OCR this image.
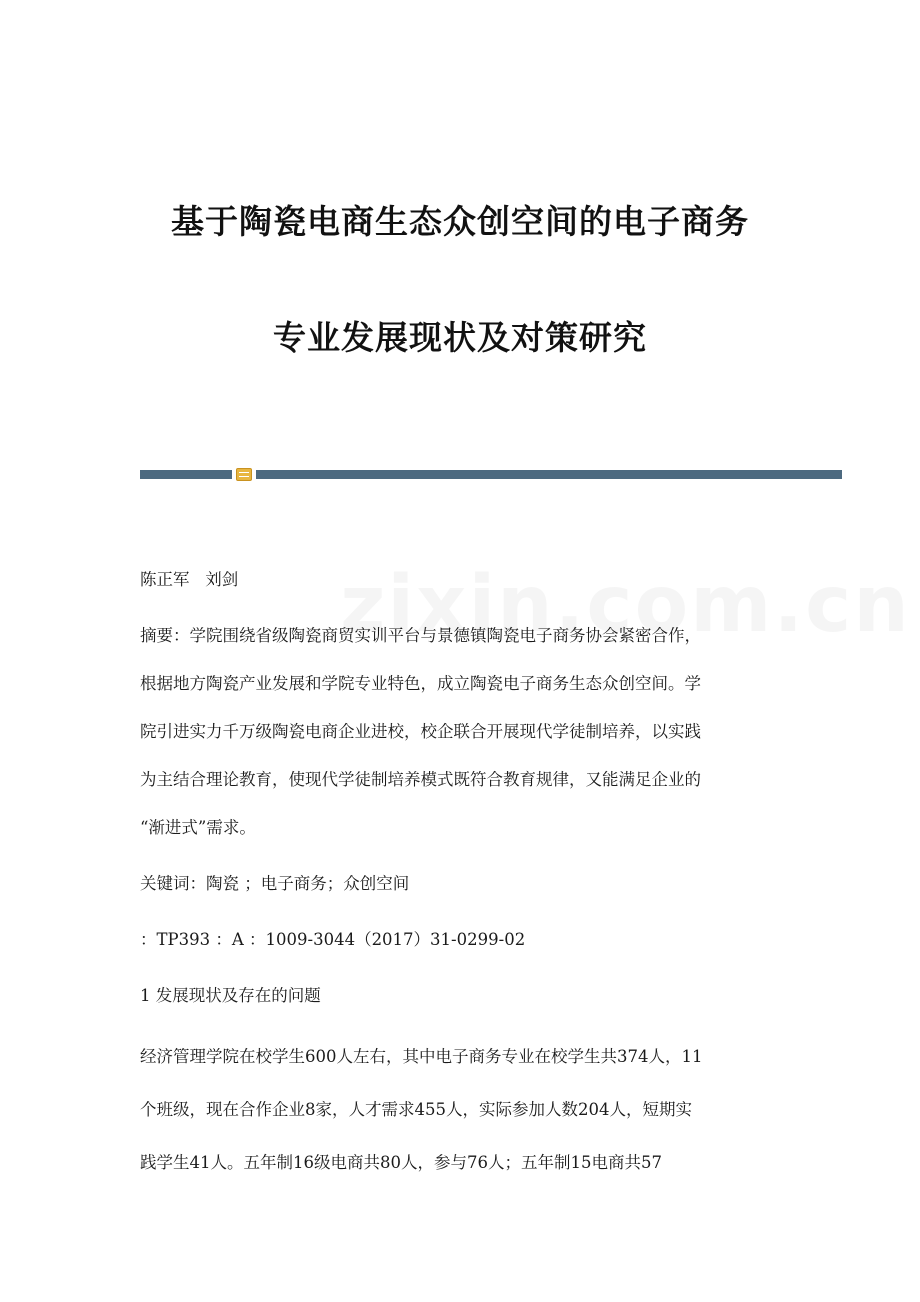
基于陶瓷电商生态众创空间的电子商务
专业发展现状及对策研究
陈正军   刘剑
摘要：学院围绕省级陶瓷商贸实训平台与景德镇陶瓷电子商务协会紧密合作，
根据地方陶瓷产业发展和学院专业特色，成立陶瓷电子商务生态众创空间。学
院引进实力千万级陶瓷电商企业进校，校企联合开展现代学徒制培养，以实践
为主结合理论教育，使现代学徒制培养模式既符合教育规律，又能满足企业的
“渐进式”需求。
关键词：陶瓷 ；电子商务；众创空间
：TP393 ：A ：1009-3044（2017）31-0299-02
1 发展现状及存在的问题
经济管理学院在校学生600人左右，其中电子商务专业在校学生共374人，11
个班级，现在合作企业8家，人才需求455人，实际参加人数204人，短期实
践学生41人。五年制16级电商共80人，参与76人；五年制15电商共57
